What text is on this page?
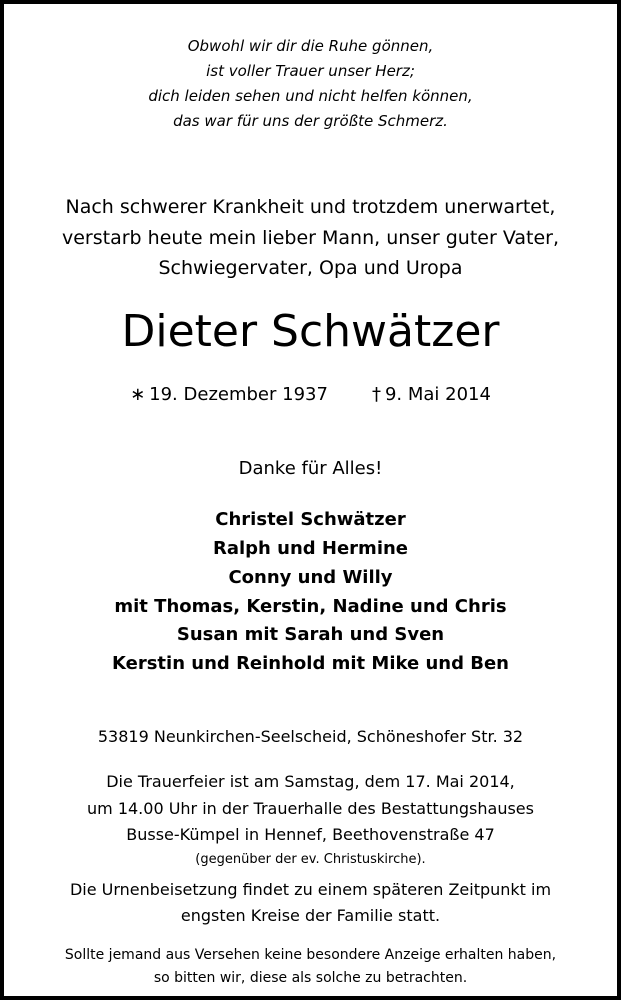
Obwohl wir dir die Ruhe gönnen,
ist voller Trauer unser Herz;
dich leiden sehen und nicht helfen können,
das war für uns der größte Schmerz.
Nach schwerer Krankheit und trotzdem unerwartet,
verstarb heute mein lieber Mann, unser guter Vater,
Schwiegervater, Opa und Uropa
Dieter Schwätzer
∗ 19. Dezember 1937 † 9. Mai 2014
Danke für Alles!
Christel Schwätzer
Ralph und Hermine
Conny und Willy
mit Thomas, Kerstin, Nadine und Chris
Susan mit Sarah und Sven
Kerstin und Reinhold mit Mike und Ben
53819 Neunkirchen-Seelscheid, Schöneshofer Str. 32
Die Trauerfeier ist am Samstag, dem 17. Mai 2014,
um 14.00 Uhr in der Trauerhalle des Bestattungshauses
Busse-Kümpel in Hennef, Beethovenstraße 47
(gegenüber der ev. Christuskirche).
Die Urnenbeisetzung findet zu einem späteren Zeitpunkt im
engsten Kreise der Familie statt.
Sollte jemand aus Versehen keine besondere Anzeige erhalten haben,
so bitten wir, diese als solche zu betrachten.
